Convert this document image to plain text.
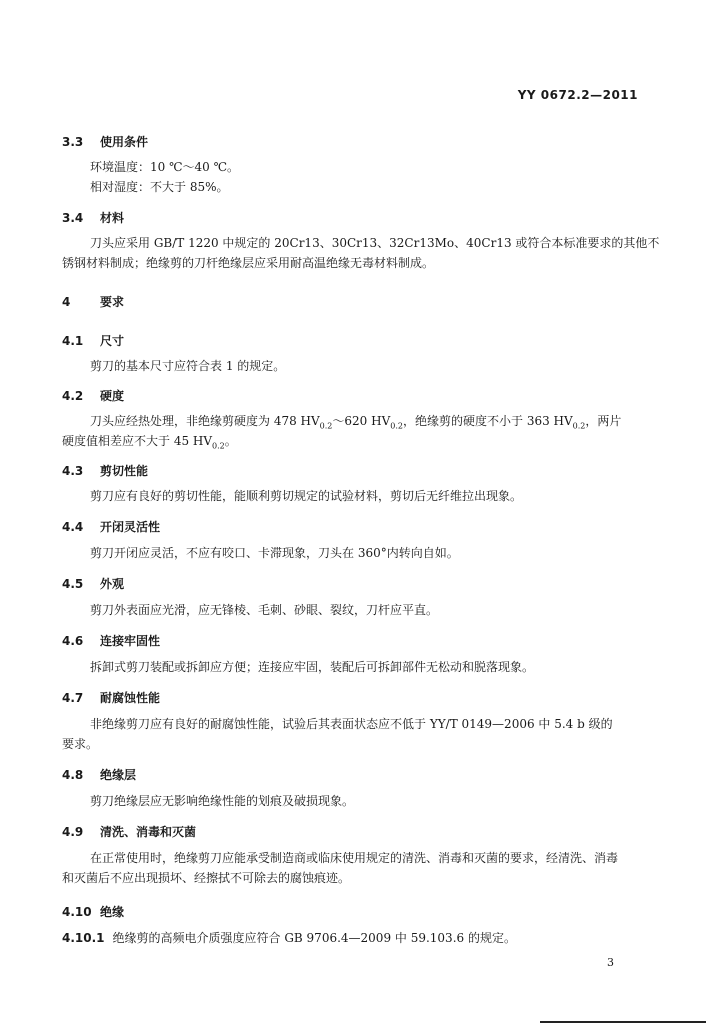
YY 0672.2—2011
3.3 使用条件
环境温度：10 ℃～40 ℃。
相对湿度：不大于 85%。
3.4 材料
刀头应采用 GB/T 1220 中规定的 20Cr13、30Cr13、32Cr13Mo、40Cr13 或符合本标准要求的其他不
锈钢材料制成；绝缘剪的刀杆绝缘层应采用耐高温绝缘无毒材料制成。
4 要求
4.1 尺寸
剪刀的基本尺寸应符合表 1 的规定。
4.2 硬度
刀头应经热处理，非绝缘剪硬度为 478 $HV_{0.2}\sim 620$ $HV_{0.2}$，绝缘剪的硬度不小于 363 $HV_{0.2}$，两片
硬度值相差应不大于 45 $HV_{0.2}$。
4.3 剪切性能
剪刀应有良好的剪切性能，能顺利剪切规定的试验材料，剪切后无纤维拉出现象。
4.4 开闭灵活性
剪刀开闭应灵活，不应有咬口、卡滞现象，刀头在 360°内转向自如。
4.5 外观
剪刀外表面应光滑，应无锋棱、毛刺、砂眼、裂纹，刀杆应平直。
4.6 连接牢固性
拆卸式剪刀装配或拆卸应方便；连接应牢固，装配后可拆卸部件无松动和脱落现象。
4.7 耐腐蚀性能
非绝缘剪刀应有良好的耐腐蚀性能，试验后其表面状态应不低于 YY/T 0149—2006 中 5.4 b 级的
要求。
4.8 绝缘层
剪刀绝缘层应无影响绝缘性能的划痕及破损现象。
4.9 清洗、消毒和灭菌
在正常使用时，绝缘剪刀应能承受制造商或临床使用规定的清洗、消毒和灭菌的要求，经清洗、消毒
和灭菌后不应出现损坏、经擦拭不可除去的腐蚀痕迹。
4.10 绝缘
4.10.1 绝缘剪的高频电介质强度应符合 GB 9706.4—2009 中 59.103.6 的规定。
3
